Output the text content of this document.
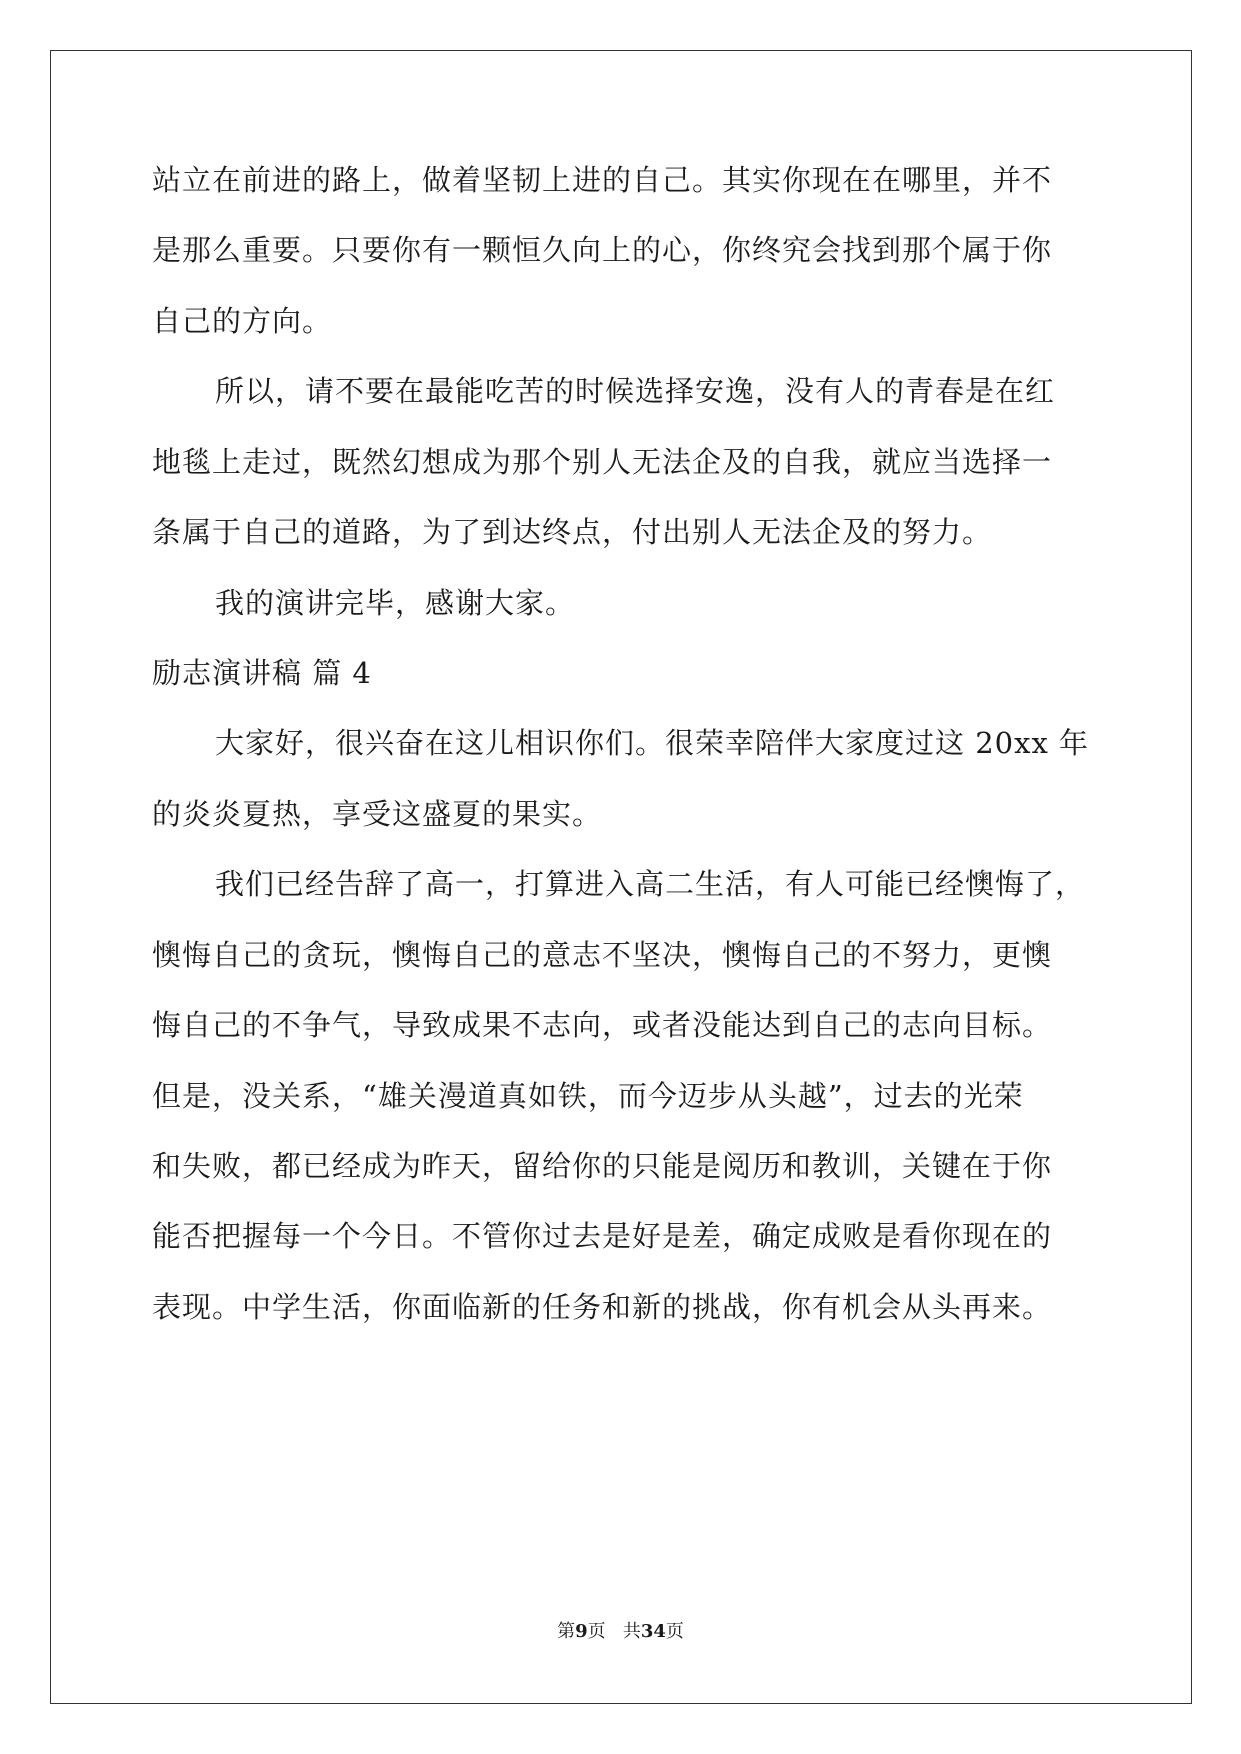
站立在前进的路上，做着坚韧上进的自己。其实你现在在哪里，并不
是那么重要。只要你有一颗恒久向上的心，你终究会找到那个属于你
自己的方向。
所以，请不要在最能吃苦的时候选择安逸，没有人的青春是在红
地毯上走过，既然幻想成为那个别人无法企及的自我，就应当选择一
条属于自己的道路，为了到达终点，付出别人无法企及的努力。
我的演讲完毕，感谢大家。
励志演讲稿 篇 4
大家好，很兴奋在这儿相识你们。很荣幸陪伴大家度过这 20xx 年
的炎炎夏热，享受这盛夏的果实。
我们已经告辞了高一，打算进入高二生活，有人可能已经懊悔了，
懊悔自己的贪玩，懊悔自己的意志不坚决，懊悔自己的不努力，更懊
悔自己的不争气，导致成果不志向，或者没能达到自己的志向目标。
但是，没关系，“雄关漫道真如铁，而今迈步从头越”，过去的光荣
和失败，都已经成为昨天，留给你的只能是阅历和教训，关键在于你
能否把握每一个今日。不管你过去是好是差，确定成败是看你现在的
表现。中学生活，你面临新的任务和新的挑战，你有机会从头再来。
第9页 共34页
